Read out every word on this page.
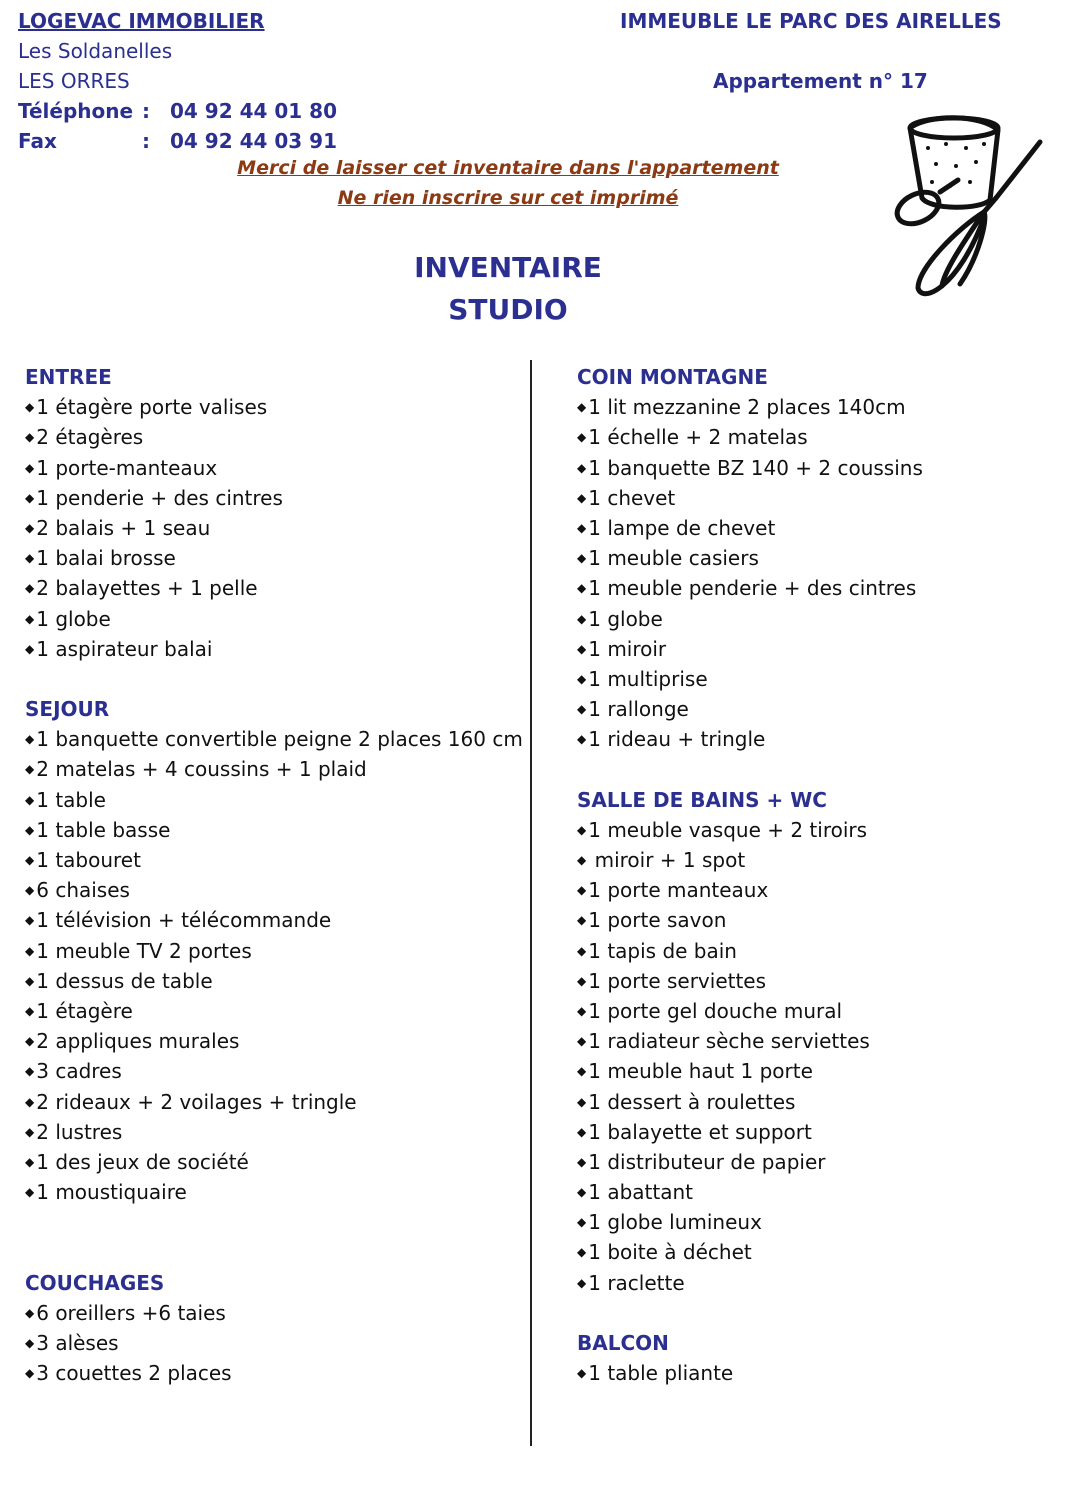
LOGEVAC IMMOBILIER
Les Soldanelles
LES ORRES
Téléphone : 04 92 44 01 80
Fax	: 04 92 44 03 91
IMMEUBLE LE PARC DES AIRELLES
Appartement n° 17
Merci de laisser cet inventaire dans l'appartement
Ne rien inscrire sur cet imprimé
INVENTAIRE
STUDIO
ENTREE
◆ 1 étagère porte valises
◆ 2 étagères
◆ 1 porte-manteaux
◆ 1 penderie + des cintres
◆ 2 balais + 1 seau
◆ 1 balai brosse
◆ 2 balayettes + 1 pelle
◆ 1 globe
◆ 1 aspirateur balai
SEJOUR
◆ 1 banquette convertible peigne 2 places 160 cm
◆ 2 matelas + 4 coussins + 1 plaid
◆ 1 table
◆ 1 table basse
◆ 1 tabouret
◆ 6 chaises
◆ 1 télévision + télécommande
◆ 1 meuble TV 2 portes
◆ 1 dessus de table
◆ 1 étagère
◆ 2 appliques murales
◆ 3 cadres
◆ 2 rideaux + 2 voilages + tringle
◆ 2 lustres
◆ 1 des jeux de société
◆ 1 moustiquaire
COUCHAGES
◆ 6 oreillers +6 taies
◆ 3 alèses
◆ 3 couettes 2 places
COIN MONTAGNE
◆ 1 lit mezzanine 2 places 140cm
◆ 1 échelle + 2 matelas
◆ 1 banquette BZ 140 + 2 coussins
◆ 1 chevet
◆ 1 lampe de chevet
◆ 1 meuble casiers
◆ 1 meuble penderie + des cintres
◆ 1 globe
◆ 1 miroir
◆ 1 multiprise
◆ 1 rallonge
◆ 1 rideau + tringle
SALLE DE BAINS + WC
◆ 1 meuble vasque + 2 tiroirs
◆ miroir + 1 spot
◆ 1 porte manteaux
◆ 1 porte savon
◆ 1 tapis de bain
◆ 1 porte serviettes
◆ 1 porte gel douche mural
◆ 1 radiateur sèche serviettes
◆ 1 meuble haut 1 porte
◆ 1 dessert à roulettes
◆ 1 balayette et support
◆ 1 distributeur de papier
◆ 1 abattant
◆ 1 globe lumineux
◆ 1 boite à déchet
◆ 1 raclette
BALCON
◆ 1 table pliante
